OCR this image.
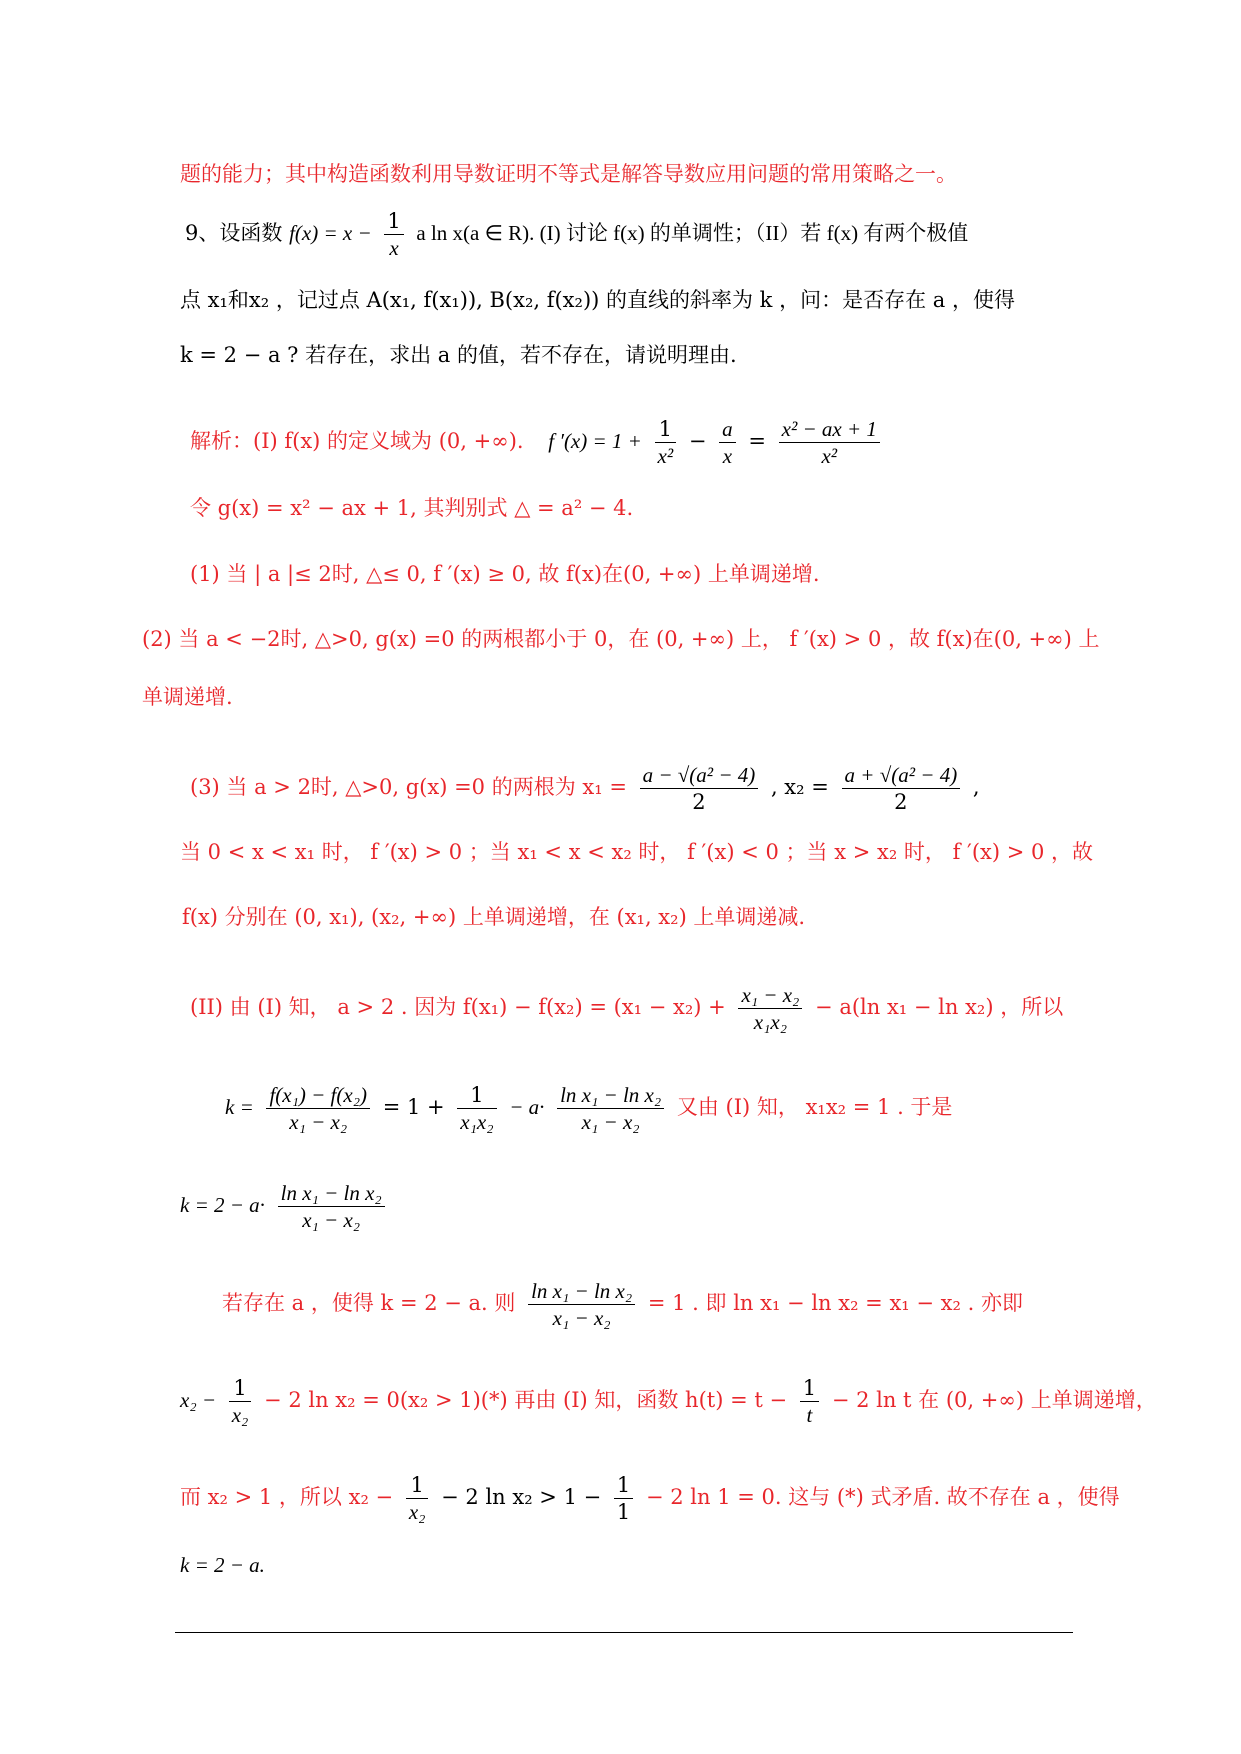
题的能力；其中构造函数利用导数证明不等式是解答导数应用问题的常用策略之一。
9、设函数 $f(x) = x - \frac{1}{x}$ a ln x(a ∈ R). (I) 讨论 f(x) 的单调性；（II）若 f(x) 有两个极值
点 x₁和x₂ ，记过点 A(x₁, f(x₁)), B(x₂, f(x₂)) 的直线的斜率为 k ，问：是否存在 a ，使得
k = 2 − a ? 若存在，求出 a 的值，若不存在，请说明理由.
解析：(I) f(x) 的定义域为 (0, +∞). f $'(x) = 1 + \frac{1}{\text{x²}} - \frac{a}{x} = \frac{\text{x² − ax + 1}}{\text{x²}}$
令 g(x) = x² − ax + 1, 其判别式 △ = a² − 4.
(1) 当 | a |≤ 2时, △≤ 0, f ′(x) ≥ 0, 故 f(x)在(0, +∞) 上单调递增.
(2) 当 a < −2时, △>0, g(x) =0 的两根都小于 0，在 (0, +∞) 上， f ′(x) > 0 ，故 f(x)在(0, +∞) 上
单调递增.
(3) 当 a > 2时, △>0, g(x) =0 的两根为 $x_1 = \frac{\text{a − √(a² − 4)}}{2}$ , $x_2 = \frac{\text{a + √(a² − 4)}}{2}$ ,
当 0 < x < x₁ 时， f ′(x) > 0 ；当 x₁ < x < x₂ 时， f ′(x) < 0 ；当 x > x₂ 时， f ′(x) > 0 ，故
f(x) 分别在 (0, x₁), (x₂, +∞) 上单调递增，在 (x₁, x₂) 上单调递减.
(II) 由 (I) 知， a > 2 . 因为 $f(x_1) - f(x_2) = (x_1 - x_2) + \frac{\text{x₁ − x₂}}{\text{x₁x₂}} - a(\ln$ x₁ − ln x₂) ，所以
$k = \frac{\text{f(x₁) − f(x₂)}}{\text{x₁ − x₂}} = 1 + \frac{1}{\text{x₁x₂}} - a\cdot \frac{\text{ln x₁ − ln x₂}}{\text{x₁ − x₂}}$ 又由 (I) 知， x₁x₂ = 1 . 于是
$k = 2 - a\cdot \frac{\text{ln x₁ − ln x₂}}{\text{x₁ − x₂}}$
若存在 a ，使得 k = 2 − a. 则 $\frac{\text{ln x₁ − ln x₂}}{\text{x₁ − x₂}} = 1$ . 即 ln x₁ − ln x₂ = x₁ − x₂ . 亦即
$x_2 - \frac{1}{\text{x₂}} - 2$ ln x₂ = 0(x₂ > 1)(*) 再由 (I) 知，函数 $h(t) = t - \frac{1}{t} - 2$ ln t 在 (0, +∞) 上单调递增，
而 x₂ > 1 ，所以 $x_2 - \frac{1}{\text{x₂}} - 2$ $\ln x_2 > 1 - \frac{1}{1} - 2$ ln 1 = 0. 这与 (*) 式矛盾. 故不存在 a ，使得
k = 2 − a.
